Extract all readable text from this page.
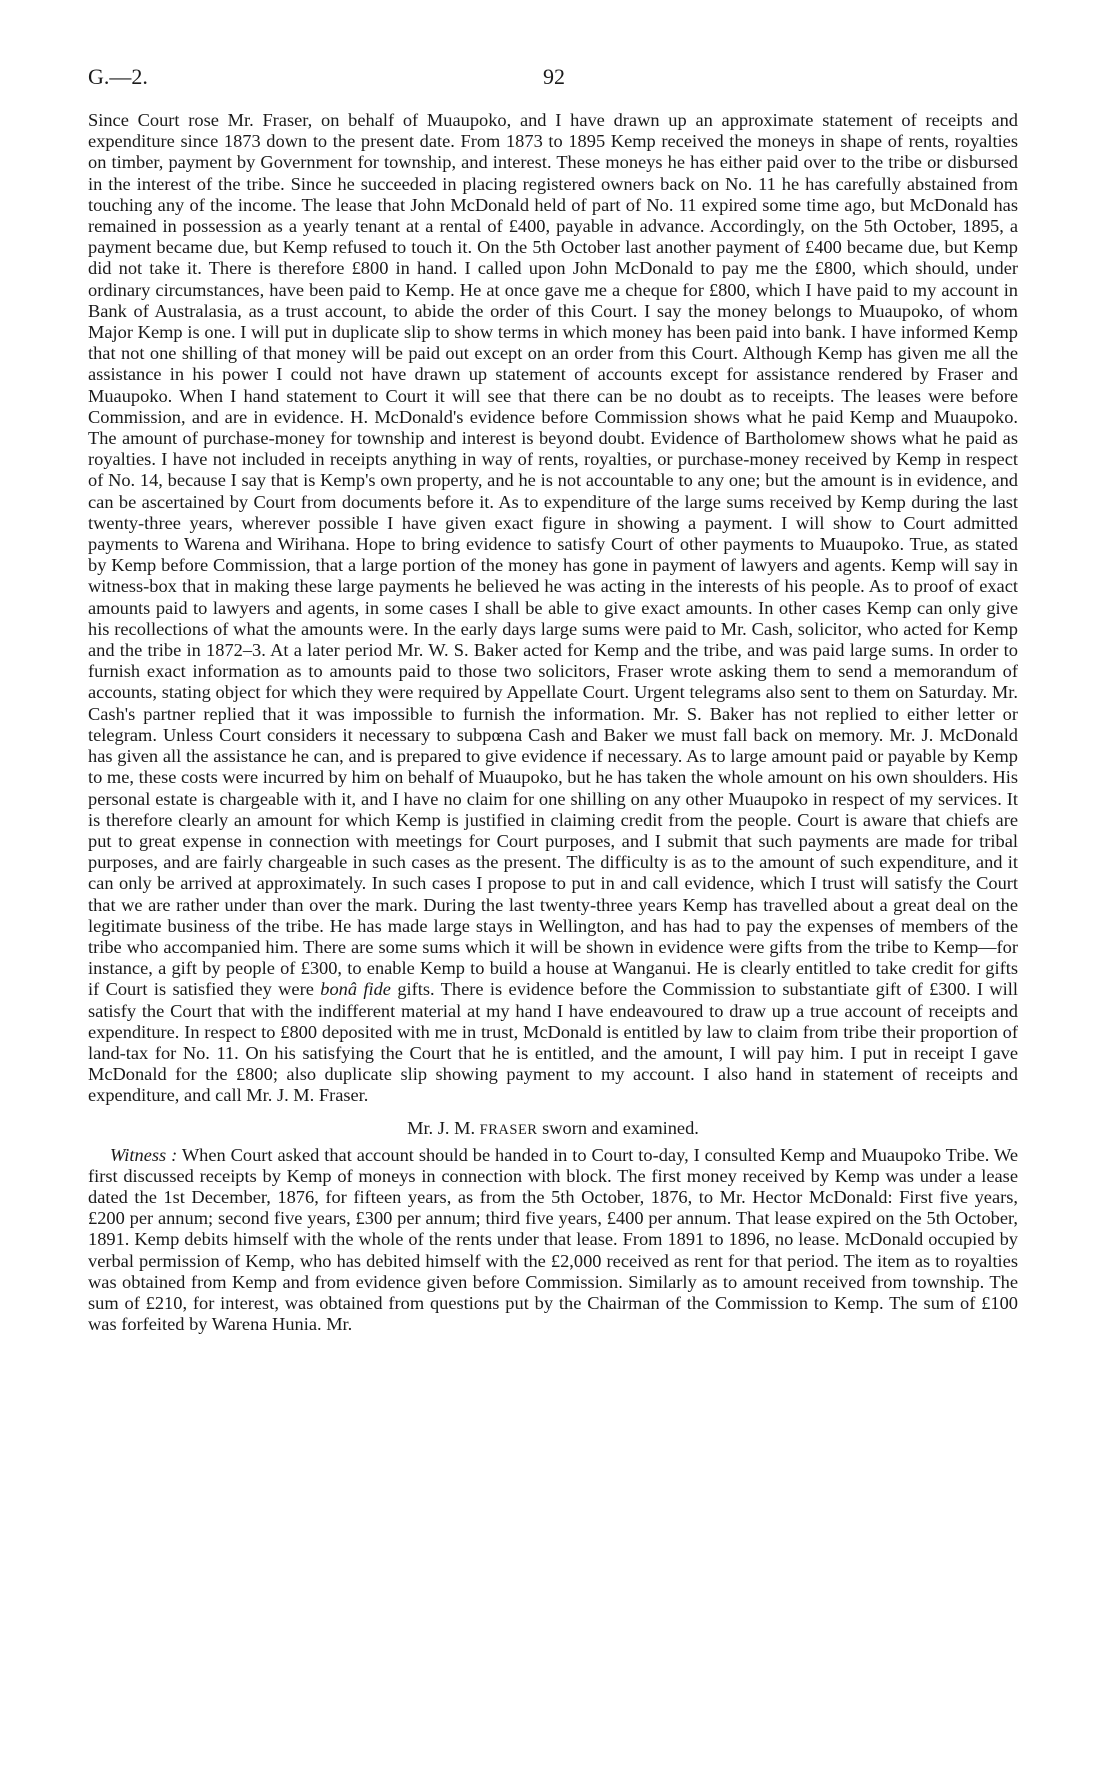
G.—2.	92

Since Court rose Mr. Fraser, on behalf of Muaupoko, and I have drawn up an approximate statement of receipts and expenditure since 1873 down to the present date. From 1873 to 1895 Kemp received the moneys in shape of rents, royalties on timber, payment by Government for township, and interest. These moneys he has either paid over to the tribe or disbursed in the interest of the tribe. Since he succeeded in placing registered owners back on No. 11 he has carefully abstained from touching any of the income. The lease that John McDonald held of part of No. 11 expired some time ago, but McDonald has remained in possession as a yearly tenant at a rental of £400, payable in advance. Accordingly, on the 5th October, 1895, a payment became due, but Kemp refused to touch it. On the 5th October last another payment of £400 became due, but Kemp did not take it. There is therefore £800 in hand. I called upon John McDonald to pay me the £800, which should, under ordinary circumstances, have been paid to Kemp. He at once gave me a cheque for £800, which I have paid to my account in Bank of Australasia, as a trust account, to abide the order of this Court. I say the money belongs to Muaupoko, of whom Major Kemp is one. I will put in duplicate slip to show terms in which money has been paid into bank. I have informed Kemp that not one shilling of that money will be paid out except on an order from this Court. Although Kemp has given me all the assistance in his power I could not have drawn up statement of accounts except for assistance rendered by Fraser and Muaupoko. When I hand statement to Court it will see that there can be no doubt as to receipts. The leases were before Commission, and are in evidence. H. McDonald's evidence before Commission shows what he paid Kemp and Muaupoko. The amount of purchase-money for township and interest is beyond doubt. Evidence of Bartholomew shows what he paid as royalties. I have not included in receipts anything in way of rents, royalties, or purchase-money received by Kemp in respect of No. 14, because I say that is Kemp's own property, and he is not accountable to any one; but the amount is in evidence, and can be ascertained by Court from documents before it. As to expenditure of the large sums received by Kemp during the last twenty-three years, wherever possible I have given exact figure in showing a payment. I will show to Court admitted payments to Warena and Wirihana. Hope to bring evidence to satisfy Court of other payments to Muaupoko. True, as stated by Kemp before Commission, that a large portion of the money has gone in payment of lawyers and agents. Kemp will say in witness-box that in making these large payments he believed he was acting in the interests of his people. As to proof of exact amounts paid to lawyers and agents, in some cases I shall be able to give exact amounts. In other cases Kemp can only give his recollections of what the amounts were. In the early days large sums were paid to Mr. Cash, solicitor, who acted for Kemp and the tribe in 1872–3. At a later period Mr. W. S. Baker acted for Kemp and the tribe, and was paid large sums. In order to furnish exact information as to amounts paid to those two solicitors, Fraser wrote asking them to send a memorandum of accounts, stating object for which they were required by Appellate Court. Urgent telegrams also sent to them on Saturday. Mr. Cash's partner replied that it was impossible to furnish the information. Mr. S. Baker has not replied to either letter or telegram. Unless Court considers it necessary to subpœna Cash and Baker we must fall back on memory. Mr. J. McDonald has given all the assistance he can, and is prepared to give evidence if necessary. As to large amount paid or payable by Kemp to me, these costs were incurred by him on behalf of Muaupoko, but he has taken the whole amount on his own shoulders. His personal estate is chargeable with it, and I have no claim for one shilling on any other Muaupoko in respect of my services. It is therefore clearly an amount for which Kemp is justified in claiming credit from the people. Court is aware that chiefs are put to great expense in connection with meetings for Court purposes, and I submit that such payments are made for tribal purposes, and are fairly chargeable in such cases as the present. The difficulty is as to the amount of such expenditure, and it can only be arrived at approximately. In such cases I propose to put in and call evidence, which I trust will satisfy the Court that we are rather under than over the mark. During the last twenty-three years Kemp has travelled about a great deal on the legitimate business of the tribe. He has made large stays in Wellington, and has had to pay the expenses of members of the tribe who accompanied him. There are some sums which it will be shown in evidence were gifts from the tribe to Kemp—for instance, a gift by people of £300, to enable Kemp to build a house at Wanganui. He is clearly entitled to take credit for gifts if Court is satisfied they were bonâ fide gifts. There is evidence before the Commission to substantiate gift of £300. I will satisfy the Court that with the indifferent material at my hand I have endeavoured to draw up a true account of receipts and expenditure. In respect to £800 deposited with me in trust, McDonald is entitled by law to claim from tribe their proportion of land-tax for No. 11. On his satisfying the Court that he is entitled, and the amount, I will pay him. I put in receipt I gave McDonald for the £800; also duplicate slip showing payment to my account. I also hand in statement of receipts and expenditure, and call Mr. J. M. Fraser.

Mr. J. M. FRASER sworn and examined.

Witness : When Court asked that account should be handed in to Court to-day, I consulted Kemp and Muaupoko Tribe. We first discussed receipts by Kemp of moneys in connection with block. The first money received by Kemp was under a lease dated the 1st December, 1876, for fifteen years, as from the 5th October, 1876, to Mr. Hector McDonald: First five years, £200 per annum; second five years, £300 per annum; third five years, £400 per annum. That lease expired on the 5th October, 1891. Kemp debits himself with the whole of the rents under that lease. From 1891 to 1896, no lease. McDonald occupied by verbal permission of Kemp, who has debited himself with the £2,000 received as rent for that period. The item as to royalties was obtained from Kemp and from evidence given before Commission. Similarly as to amount received from township. The sum of £210, for interest, was obtained from questions put by the Chairman of the Commission to Kemp. The sum of £100 was forfeited by Warena Hunia. Mr.
